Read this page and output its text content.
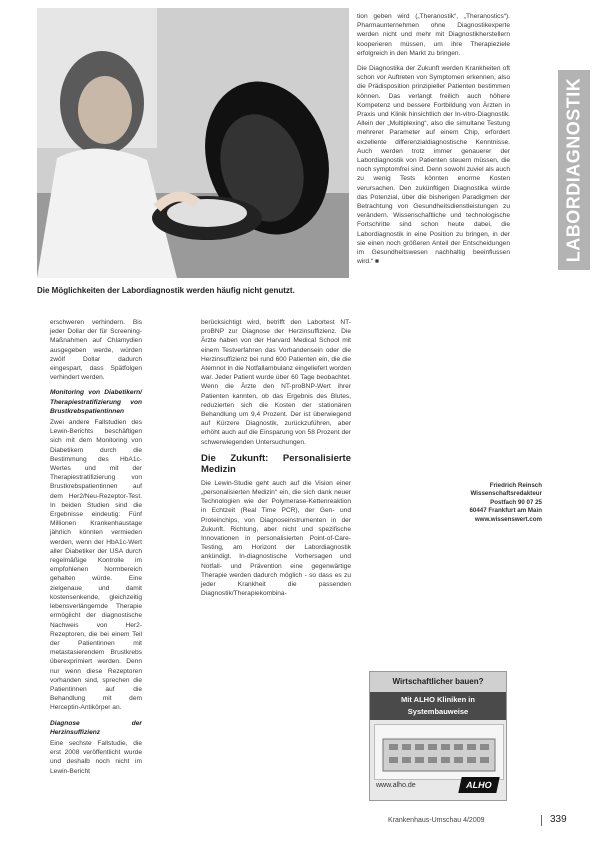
Die Möglichkeiten der Labordiagnostik werden häufig nicht genutzt.

erschweren verhindern. Bis jeder Dollar der für Screening-Maßnahmen auf Chlamydien ausgegeben werde, würden zwölf Dollar dadurch eingespart, dass Spätfolgen verhindert werden.

Monitoring von Diabetikern/ Therapiestratifizierung von Brustkrebspatientinnen

Zwei andere Fallstudien des Lewin-Berichts beschäftigen sich mit dem Monitoring von Diabetikern durch die Bestimmung des HbA1c-Wertes und mit der Therapiestratifizierung von Brustkrebspatientinnen auf dem Her2/Neu-Rezeptor-Test. In beiden Studien sind die Ergebnisse eindeutig: Fünf Millionen Krankenhaustage jährlich könnten vermieden werden, wenn der HbA1c-Wert aller Diabetiker der USA durch regelmäßige Kontrolle im empfohlenen Normbereich gehalten würde. Eine zielgenaue und damit kostensenkende, gleichzeitig lebensverlängernde Therapie ermöglicht der diagnostische Nachweis von Her2-Rezeptoren, die bei einem Teil der Patientinnen mit metastasierendem Brustkrebs überexprimiert werden. Denn nur wenn diese Rezeptoren vorhanden sind, sprechen die Patientinnen auf die Behandlung mit dem Herceptin-Antikörper an.

Diagnose der Herzinsuffizienz

Eine sechste Fallstudie, die erst 2008 veröffentlicht wurde und deshalb noch nicht im Lewin-Bericht

berücksichtigt wird, betrifft den Labortest NT-proBNP zur Diagnose der Herzinsuffizienz. Die Ärzte haben von der Harvard Medical School mit einem Testverfahren das Vorhandensein oder die Herzinsuffizienz bei rund 600 Patienten ein, die die Atemnot in die Notfallambulanz eingeliefert worden war. Jeder Patient wurde über 60 Tage beobachtet. Wenn die Ärzte den NT-proBNP-Wert ihrer Patienten kannten, ob das Ergebnis des Blutes, reduzierten sich die Kosten der stationären Behandlung um 9,4 Prozent. Der ist überwiegend auf Kürzere Diagnostik, zurückzuführen, aber erhöht auch auf die Einsparung von 58 Prozent der schwerwiegenden Untersuchungen.

Die Zukunft: Personalisierte Medizin

Die Lewin-Studie geht auch auf die Vision einer „personalisierten Medizin“ ein, die sich dank neuer Technologien wie der Polymerase-Kettenreaktion in Echtzeit (Real Time PCR), der Gen- und Proteinchips, von Diagnoseinstrumenten in der Zukunft. Richtung, aber nicht und spezifische Innovationen in personalisierten Point-of-Care-Testing, am Horizont der Labordiagnostik ankündigt. In-diagnostische Vorhersagen und Notfall- und Prävention eine gegenwärtige Therapie werden dadurch möglich - so dass es zu jeder Krankheit die passenden Diagnostik/Therapiekombina-

tion geben wird („Theranostik“, „Theranostics“). Pharmaunternehmen ohne Diagnostikexperte werden nicht und mehr mit Diagnostikherstellern kooperieren müssen, um ihre Therapieziele erfolgreich in den Markt zu bringen.

Die Diagnostika der Zukunft werden Krankheiten oft schon vor Auftreten von Symptomen erkennen, also die Prädisposition prinzipieller Patienten bestimmen können. Das verlangt freilich auch höhere Kompetenz und bessere Fortbildung von Ärzten in Praxis und Klinik hinsichtlich der In-vitro-Diagnostik. Allein der „Multiplexing“, also die simultane Testung mehrerer Parameter auf einem Chip, erfordert exzellente differenzialdiagnostische Kenntnisse. Auch werden trotz immer genauerer der Labordiagnostik von Patienten steuern müssen, die noch symptomfrei sind. Denn sowohl zuviel als auch zu wenig Tests könnten enorme Kosten verursachen. Den zukünftigen Diagnostika würde das Potenzial, über die bisherigen Paradigmen der Betrachtung von Gesundheitsdienstleistungen zu verändern. Wissenschaftliche und technologische Fortschritte sind schon heute dabei, die Labordiagnostik in eine Position zu bringen, in der sie einen noch größeren Anteil der Entscheidungen im Gesundheitswesen nachhaltig beeinflussen wird.“ ■

Friedrich Reinsch
Wissenschaftsredakteur
Postfach 90 07 25
60447 Frankfurt am Main
www.wissenswert.com
LABORDIAGNOSTIK
Wirtschaftlicher bauen?
Mit ALHO Kliniken in Systembauweise
www.alho.de	ALHO
Krankenhaus-Umschau 4/2009	339
